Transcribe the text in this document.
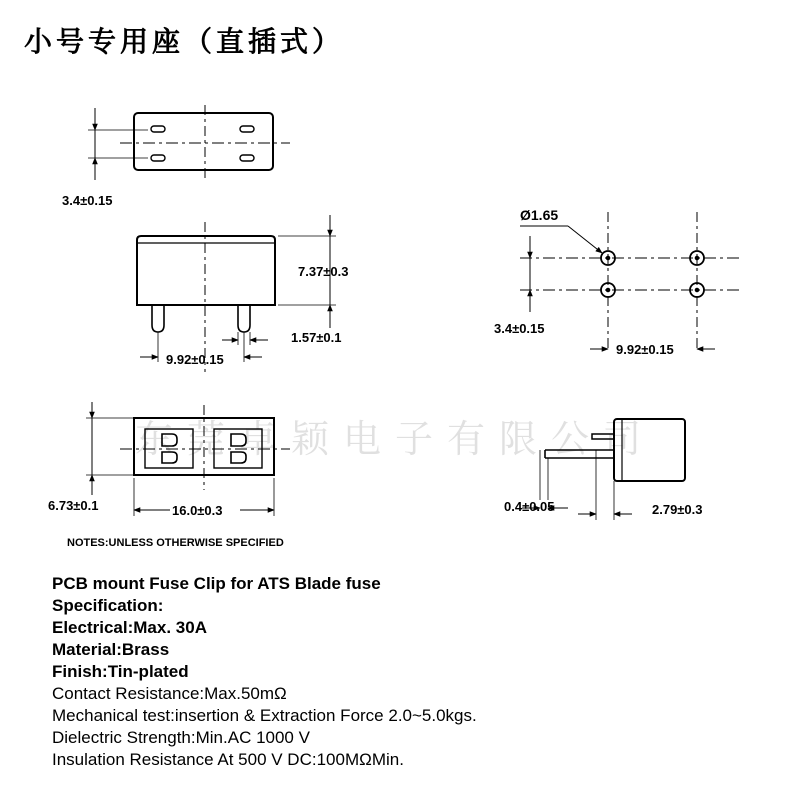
小号专用座（直插式）
东莞卓颖电子有限公司
3.4±0.15
7.37±0.3
1.57±0.1
9.92±0.15
Ø1.65
3.4±0.15
9.92±0.15
6.73±0.1	16.0±0.3	0.4±0.05	2.79±0.3
NOTES:UNLESS OTHERWISE SPECIFIED
PCB mount Fuse Clip for ATS Blade fuse
Specification:
Electrical:Max. 30A
Material:Brass
Finish:Tin-plated
Contact Resistance:Max.50mΩ
Mechanical test:insertion & Extraction Force 2.0~5.0kgs.
Dielectric Strength:Min.AC 1000 V
Insulation Resistance At 500 V DC:100MΩMin.
